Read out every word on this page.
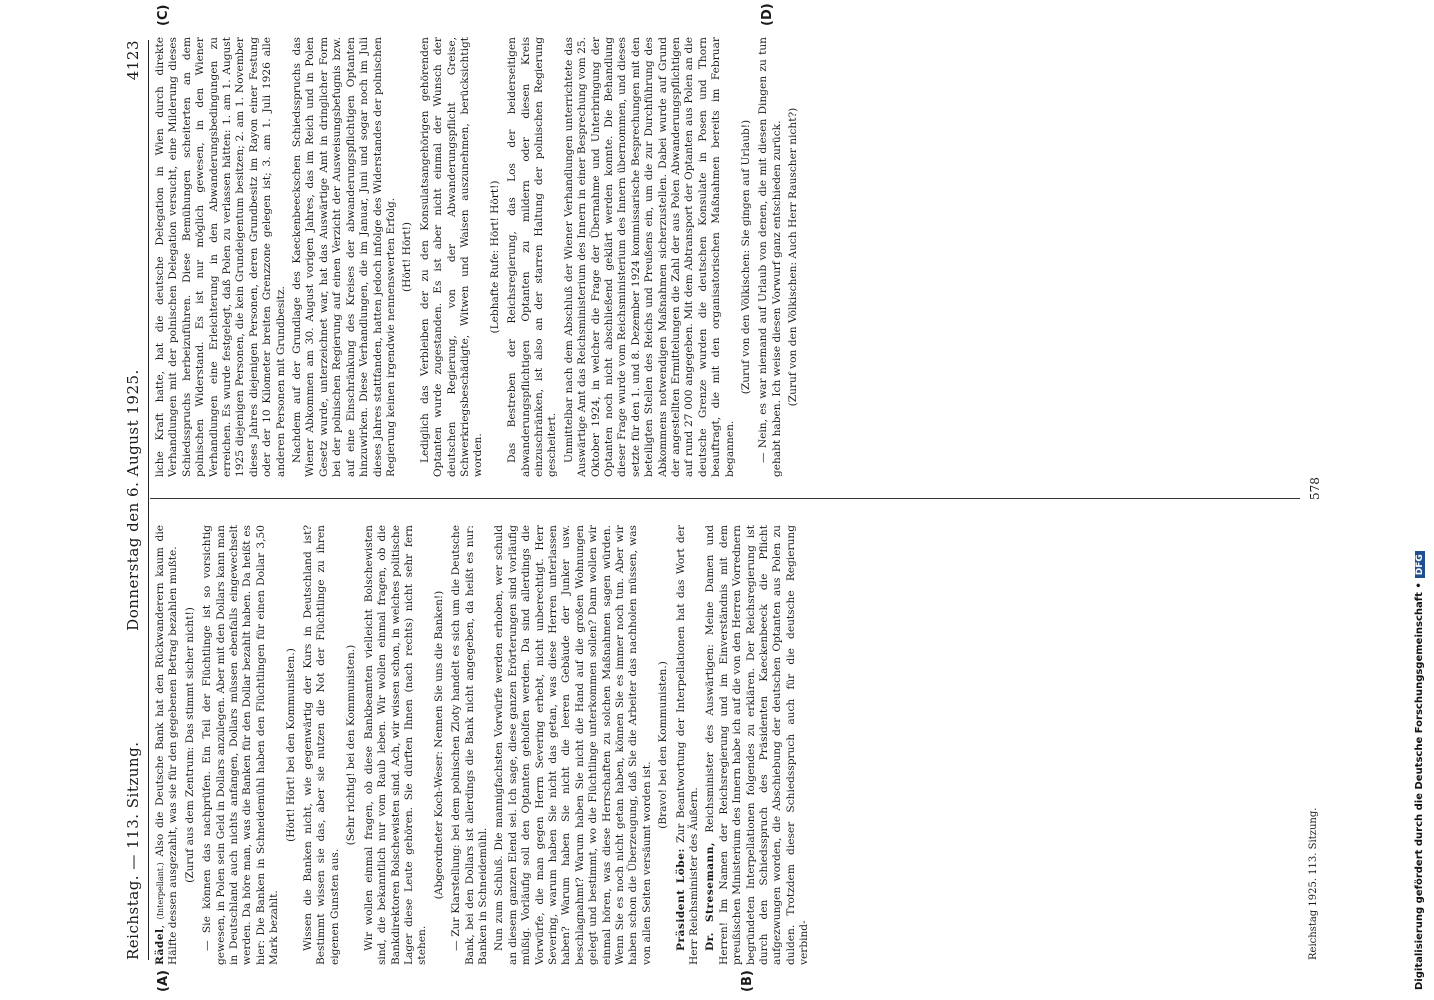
Reichstag. — 113. Sitzung.
Donnerstag den 6. August 1925.
4123
(A)	(B)
(C)	(D)

Rädel, (Interpellant.) Also die Deutsche Bank hat den Rückwanderern kaum die Hälfte dessen ausgezahlt, was sie für den gegebenen Betrag bezahlen mußte. (Zuruf aus dem Zentrum: Das stimmt sicher nicht!) — Sie können das nachprüfen. Ein Teil der Flüchtlinge ist so vorsichtig gewesen, in Polen sein Geld in Dollars anzulegen. Aber mit den Dollars kann man in Deutschland auch nichts anfangen, Dollars müssen ebenfalls eingewechselt werden. Da höre man, was die Banken für den Dollar bezahlt haben. Da heißt es hier: Die Banken in Schneidemühl haben den Flüchtlingen für einen Dollar 3,50 Mark bezahlt.

(Hört! Hört! bei den Kommunisten.) Wissen die Banken nicht, wie gegenwärtig der Kurs in Deutschland ist? Bestimmt wissen sie das, aber sie nutzen die Not der Flüchtlinge zu ihren eigenen Gunsten aus.

(Sehr richtig! bei den Kommunisten.) Wir wollen einmal fragen, ob diese Bankbeamten vielleicht Bolschewisten sind, die bekanntlich nur vom Raub leben. Wir wollen einmal fragen, ob die Bankdirektoren Bolschewisten sind. Ach, wir wissen schon, in welches politische Lager diese Leute gehören. Sie dürften Ihnen (nach rechts) nicht sehr fern stehen.

(Abgeordneter Koch-Weser: Nennen Sie uns die Banken!) — Zur Klarstellung: bei dem polnischen Zloty handelt es sich um die Deutsche Bank, bei den Dollars ist allerdings die Bank nicht angegeben, da heißt es nur: Banken in Schneidemühl. Nun zum Schluß. Die mannigfachsten Vorwürfe werden erhoben, wer schuld an diesem ganzen Elend sei. Ich sage, diese ganzen Erörterungen sind vorläufig müßig. Vorläufig soll den Optanten geholfen werden. Da sind allerdings die Vorwürfe, die man gegen Herrn Severing erhebt, nicht unberechtigt. Herr Severing, warum haben Sie nicht das getan, was diese Herren unterlassen haben? Warum haben Sie nicht die leeren Gebäude der Junker usw. beschlagnahmt? Warum haben Sie nicht die Hand auf die großen Wohnungen gelegt und bestimmt, wo die Flüchtlinge unterkommen sollen? Dann wollen wir einmal hören, was diese Herrschaften zu solchen Maßnahmen sagen würden. Wenn Sie es noch nicht getan haben, können Sie es immer noch tun. Aber wir haben schon die Überzeugung, daß Sie die Arbeiter das nachholen müssen, was von allen Seiten versäumt worden ist.

(Bravo! bei den Kommunisten.)

Präsident Löbe: Zur Beantwortung der Interpellationen hat das Wort der Herr Reichsminister des Äußern. Dr. Stresemann, Reichsminister des Auswärtigen: Meine Damen und Herren! Im Namen der Reichsregierung und im Einverständnis mit dem preußischen Ministerium des Innern habe ich auf die von den Herren Vorrednern begründeten Interpellationen folgendes zu erklären. Der Reichsregierung ist durch den Schiedsspruch des Präsidenten Kaeckenbeeck die Pflicht aufgezwungen worden, die Abschiebung der deutschen Optanten aus Polen zu dulden. Trotzdem dieser Schiedsspruch auch für die deutsche Regierung verbind-

liche Kraft hatte, hat die deutsche Delegation in Wien durch direkte Verhandlungen mit der polnischen Delegation versucht, eine Milderung dieses Schiedsspruchs herbeizuführen. Diese Bemühungen scheiterten an dem polnischen Widerstand. Es ist nur möglich gewesen, in den Wiener Verhandlungen eine Erleichterung in den Abwanderungsbedingungen zu erreichen. Es wurde festgelegt, daß Polen zu verlassen hätten: 1. am 1. August 1925 diejenigen Personen, die kein Grundeigentum besitzen; 2. am 1. November dieses Jahres diejenigen Personen, deren Grundbesitz im Rayon einer Festung oder der 10 Kilometer breiten Grenzzone gelegen ist; 3. am 1. Juli 1926 alle anderen Personen mit Grundbesitz. Nachdem auf der Grundlage des Kaeckenbeeckschen Schiedsspruchs das Wiener Abkommen am 30. August vorigen Jahres, das im Reich und in Polen Gesetz wurde, unterzeichnet war, hat das Auswärtige Amt in dringlicher Form bei der polnischen Regierung auf einen Verzicht der Ausweisungsbefugnis bzw. auf eine Einschränkung des Kreises der abwanderungspflichtigen Optanten hinzuwirken. Diese Verhandlungen, die im Januar, Juni und sogar noch im Juli dieses Jahres stattfanden, hatten jedoch infolge des Widerstandes der polnischen Regierung keinen irgendwie nennenswerten Erfolg. (Hört! Hört!) Lediglich das Verbleiben der zu den Konsulatsangehörigen gehörenden Optanten wurde zugestanden. Es ist aber nicht einmal der Wunsch der deutschen Regierung, von der Abwanderungspflicht Greise, Schwerkriegsbeschädigte, Witwen und Waisen auszunehmen, berücksichtigt worden.

(Lebhafte Rufe: Hört! Hört!) Das Bestreben der Reichsregierung, das Los der beiderseitigen abwanderungspflichtigen Optanten zu mildern oder diesen Kreis einzuschränken, ist also an der starren Haltung der polnischen Regierung gescheitert. Unmittelbar nach dem Abschluß der Wiener Verhandlungen unterrichtete das Auswärtige Amt das Reichsministerium des Innern in einer Besprechung vom 25. Oktober 1924, in welcher die Frage der Übernahme und Unterbringung der Optanten noch nicht abschließend geklärt werden konnte. Die Behandlung dieser Frage wurde vom Reichsministerium des Innern übernommen, und dieses setzte für den 1. und 8. Dezember 1924 kommissarische Besprechungen mit den beteiligten Stellen des Reichs und Preußens ein, um die zur Durchführung des Abkommens notwendigen Maßnahmen sicherzustellen. Dabei wurde auf Grund der angestellten Ermittelungen die Zahl der aus Polen Abwanderungspflichtigen auf rund 27 000 angegeben. Mit dem Abtransport der Optanten aus Polen an die deutsche Grenze wurden die deutschen Konsulate in Posen und Thorn beauftragt, die mit den organisatorischen Maßnahmen bereits im Februar begannen.

(Zuruf von den Völkischen: Sie gingen auf Urlaub!) — Nein, es war niemand auf Urlaub von denen, die mit diesen Dingen zu tun gehabt haben. Ich weise diesen Vorwurf ganz entschieden zurück. (Zuruf von den Völkischen: Auch Herr Rauscher nicht?)

Reichstag 1925. 113. Sitzung.
578
Digitalisierung gefördert durch die Deutsche Forschungsgemeinschaft •DFG
